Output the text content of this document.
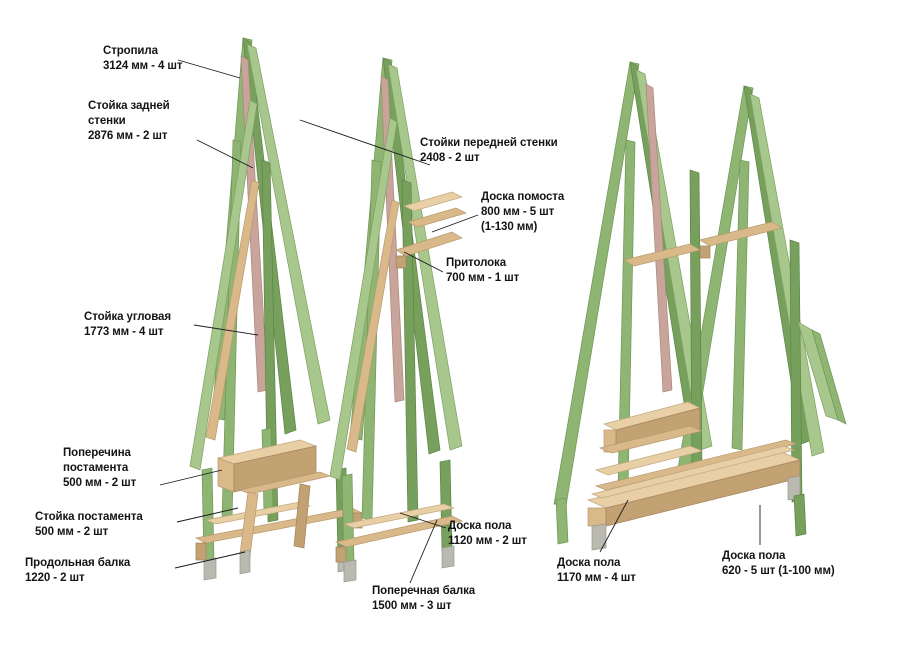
Стропила
3124 мм - 4 шт
Стойка задней
стенки
2876 мм - 2 шт
Стойки передней стенки
2408 - 2 шт
Доска помоста
800 мм - 5 шт
(1-130 мм)
Притолока
700 мм - 1 шт
Стойка угловая
1773 мм - 4 шт
Поперечина
постамента
500 мм - 2 шт
Стойка постамента
500 мм - 2 шт
Продольная балка
1220 - 2 шт
Доска пола
1120 мм - 2 шт
Поперечная балка
1500 мм - 3 шт
Доска пола
1170 мм - 4 шт
Доска пола
620 - 5 шт (1-100 мм)
